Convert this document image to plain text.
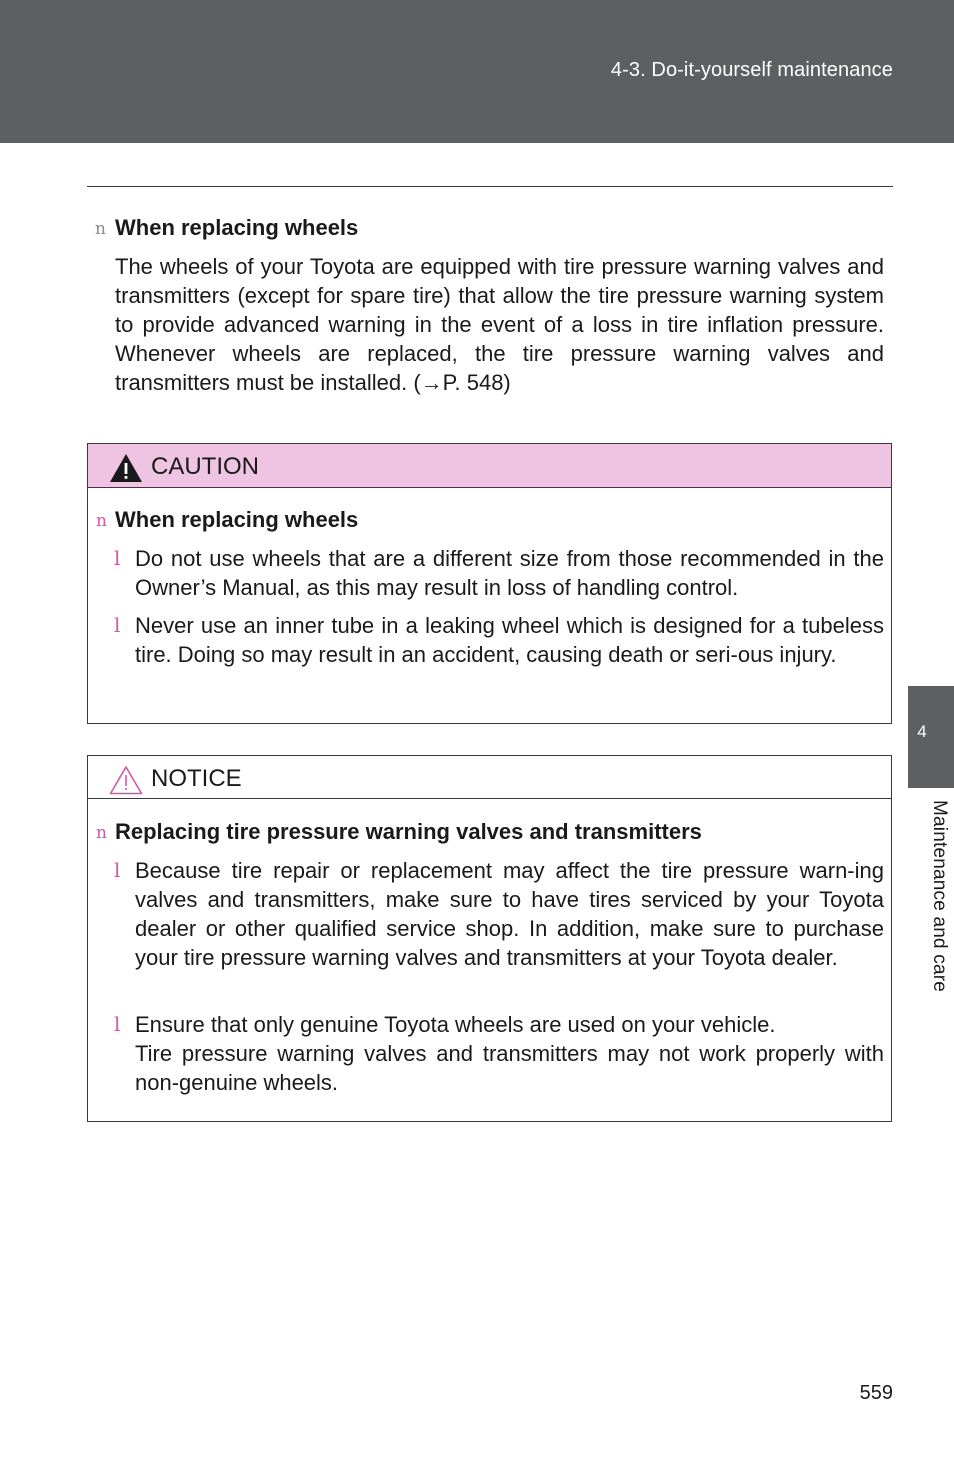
4-3. Do-it-yourself maintenance
n When replacing wheels
The wheels of your Toyota are equipped with tire pressure warning valves and transmitters (except for spare tire) that allow the tire pressure warning system to provide advanced warning in the event of a loss in tire inflation pressure. Whenever wheels are replaced, the tire pressure warning valves and transmitters must be installed. (→P. 548)
CAUTION
n When replacing wheels
l Do not use wheels that are a different size from those recommended in the Owner’s Manual, as this may result in loss of handling control.
l Never use an inner tube in a leaking wheel which is designed for a tubeless tire. Doing so may result in an accident, causing death or seri-ous injury.
NOTICE
n Replacing tire pressure warning valves and transmitters
l Because tire repair or replacement may affect the tire pressure warn-ing valves and transmitters, make sure to have tires serviced by your Toyota dealer or other qualified service shop. In addition, make sure to purchase your tire pressure warning valves and transmitters at your Toyota dealer.
l Ensure that only genuine Toyota wheels are used on your vehicle.
Tire pressure warning valves and transmitters may not work properly with non-genuine wheels.
4
Maintenance and care
559
